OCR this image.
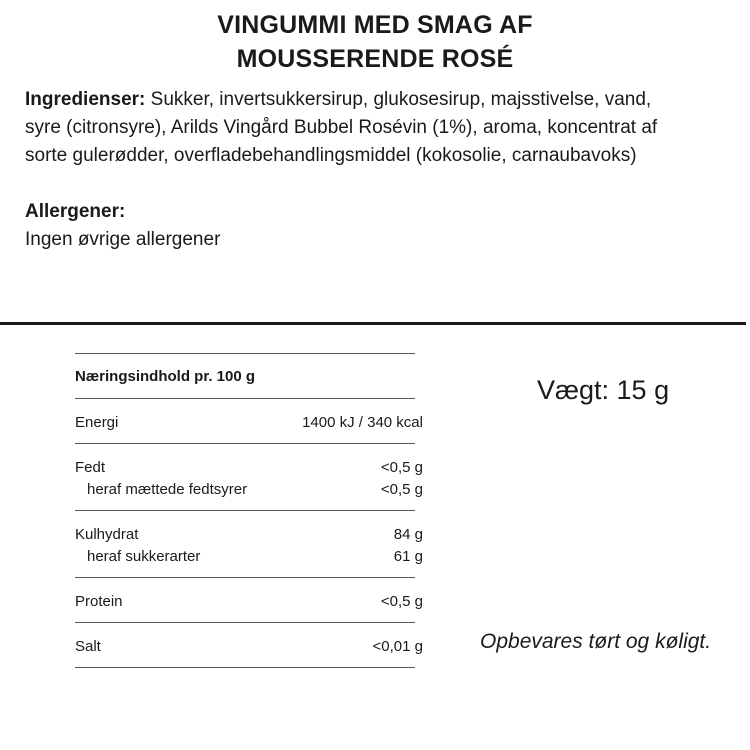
VINGUMMI MED SMAG AF
MOUSSERENDE ROSÉ
Ingredienser: Sukker, invertsukkersirup, glukosesirup, majsstivelse, vand,
syre (citronsyre), Arilds Vingård Bubbel Rosévin (1%), aroma, koncentrat af
sorte gulerødder, overfladebehandlingsmiddel (kokosolie, carnaubavoks)
Allergener:
Ingen øvrige allergener
Næringsindhold pr. 100 g
Energi	1400 kJ / 340 kcal
Fedt	<0,5 g
heraf mættede fedtsyrer	<0,5 g
Kulhydrat	84 g
heraf sukkerarter	61 g
Protein	<0,5 g
Salt	<0,01 g
Vægt: 15 g
Opbevares tørt og køligt.
